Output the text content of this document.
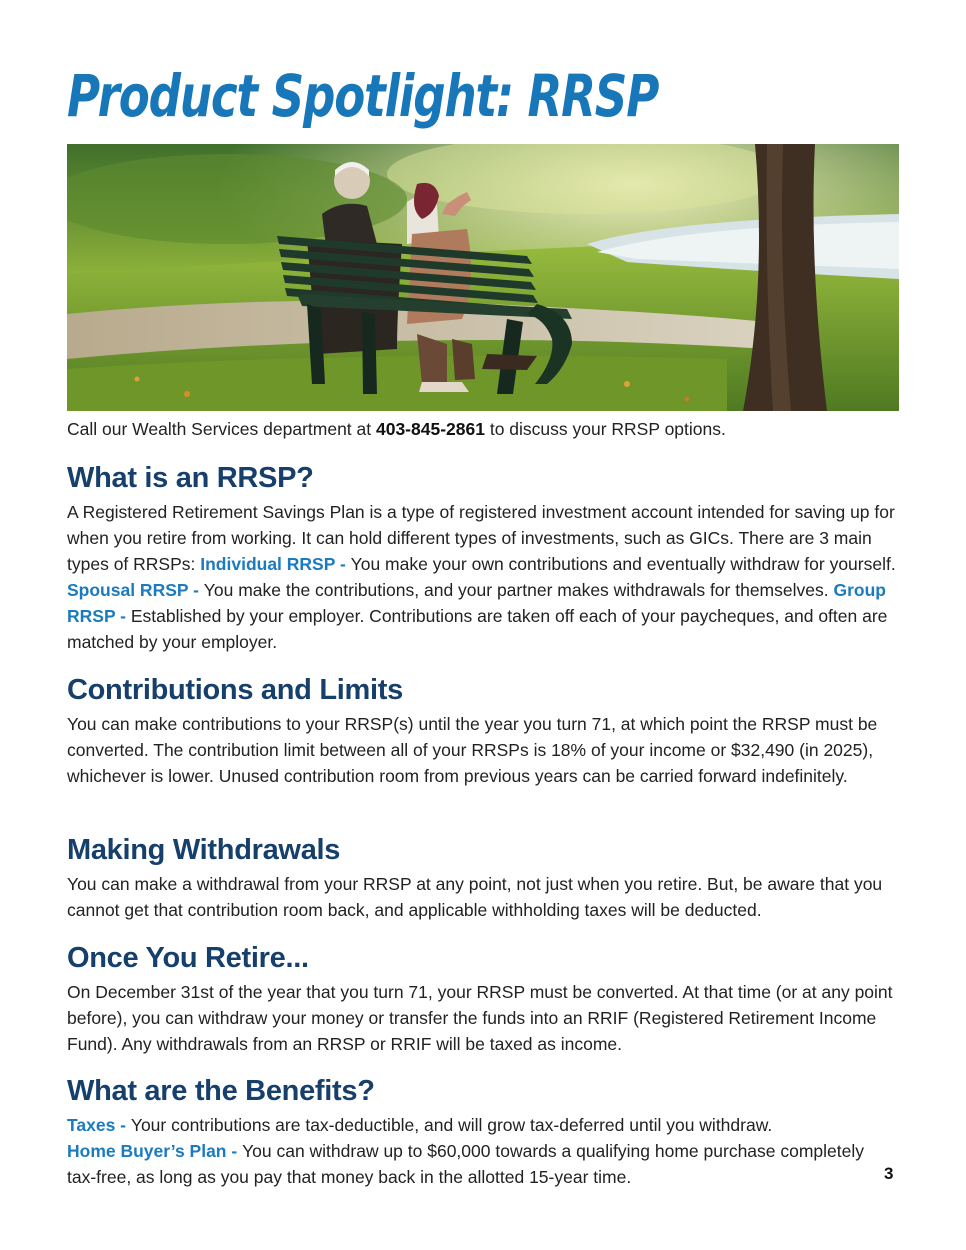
Product Spotlight: RRSP

Call our Wealth Services department at 403-845-2861 to discuss your RRSP options.

What is an RRSP?

A Registered Retirement Savings Plan is a type of registered investment account intended for saving up for when you retire from working. It can hold different types of investments, such as GICs. There are 3 main types of RRSPs: Individual RRSP - You make your own contributions and eventually withdraw for yourself. Spousal RRSP - You make the contributions, and your partner makes withdrawals for themselves. Group RRSP - Established by your employer. Contributions are taken off each of your paycheques, and often are matched by your employer.

Contributions and Limits

You can make contributions to your RRSP(s) until the year you turn 71, at which point the RRSP must be converted. The contribution limit between all of your RRSPs is 18% of your income or $32,490 (in 2025), whichever is lower. Unused contribution room from previous years can be carried forward indefinitely.

Making Withdrawals

You can make a withdrawal from your RRSP at any point, not just when you retire. But, be aware that you cannot get that contribution room back, and applicable withholding taxes will be deducted.

Once You Retire...

On December 31st of the year that you turn 71, your RRSP must be converted. At that time (or at any point before), you can withdraw your money or transfer the funds into an RRIF (Registered Retirement Income Fund). Any withdrawals from an RRSP or RRIF will be taxed as income.

What are the Benefits?

Taxes - Your contributions are tax-deductible, and will grow tax-deferred until you withdraw.
Home Buyer’s Plan - You can withdraw up to $60,000 towards a qualifying home purchase completely tax-free, as long as you pay that money back in the allotted 15-year time.	3
